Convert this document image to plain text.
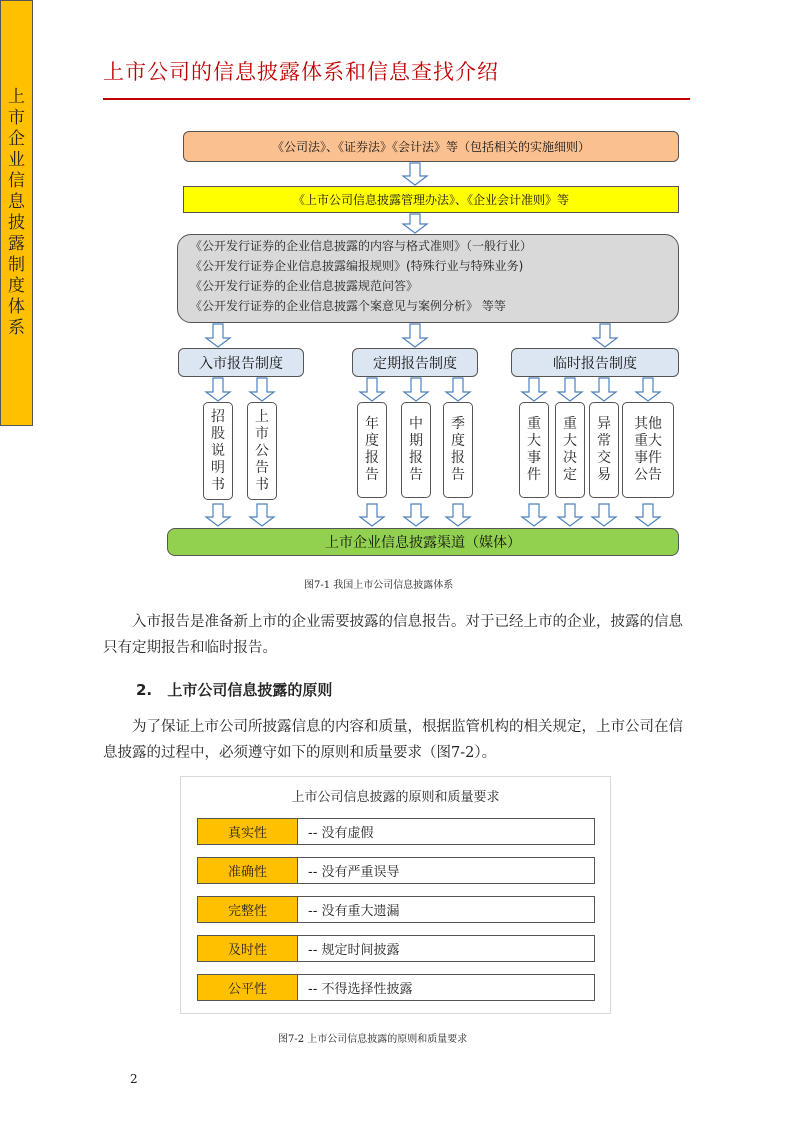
上市公司的信息披露体系和信息查找介绍
上市企业信息披露制度体系
《公司法》、《证券法》《会计法》等（包括相关的实施细则）
《上市公司信息披露管理办法》、《企业会计准则》等
《公开发行证券的企业信息披露的内容与格式准则》（一般行业）
《公开发行证券企业信息披露编报规则》(特殊行业与特殊业务)
《公开发行证券的企业信息披露规范问答》
《公开发行证券的企业信息披露个案意见与案例分析》 等等
入市报告制度	定期报告制度	临时报告制度
招股说明书
上市公告书
年度报告
中期报告
季度报告
重大事件
重大决定
异常交易
其他重大事件公告
上市企业信息披露渠道（媒体）
图7-1 我国上市公司信息披露体系
入市报告是准备新上市的企业需要披露的信息报告。对于已经上市的企业，披露的信息只有定期报告和临时报告。
2. 上市公司信息披露的原则
为了保证上市公司所披露信息的内容和质量，根据监管机构的相关规定，上市公司在信息披露的过程中，必须遵守如下的原则和质量要求（图7-2）。
上市公司信息披露的原则和质量要求
真实性	-- 没有虚假
准确性	-- 没有严重误导
完整性	-- 没有重大遗漏
及时性	-- 规定时间披露
公平性	-- 不得选择性披露
图7-2 上市公司信息披露的原则和质量要求
2
